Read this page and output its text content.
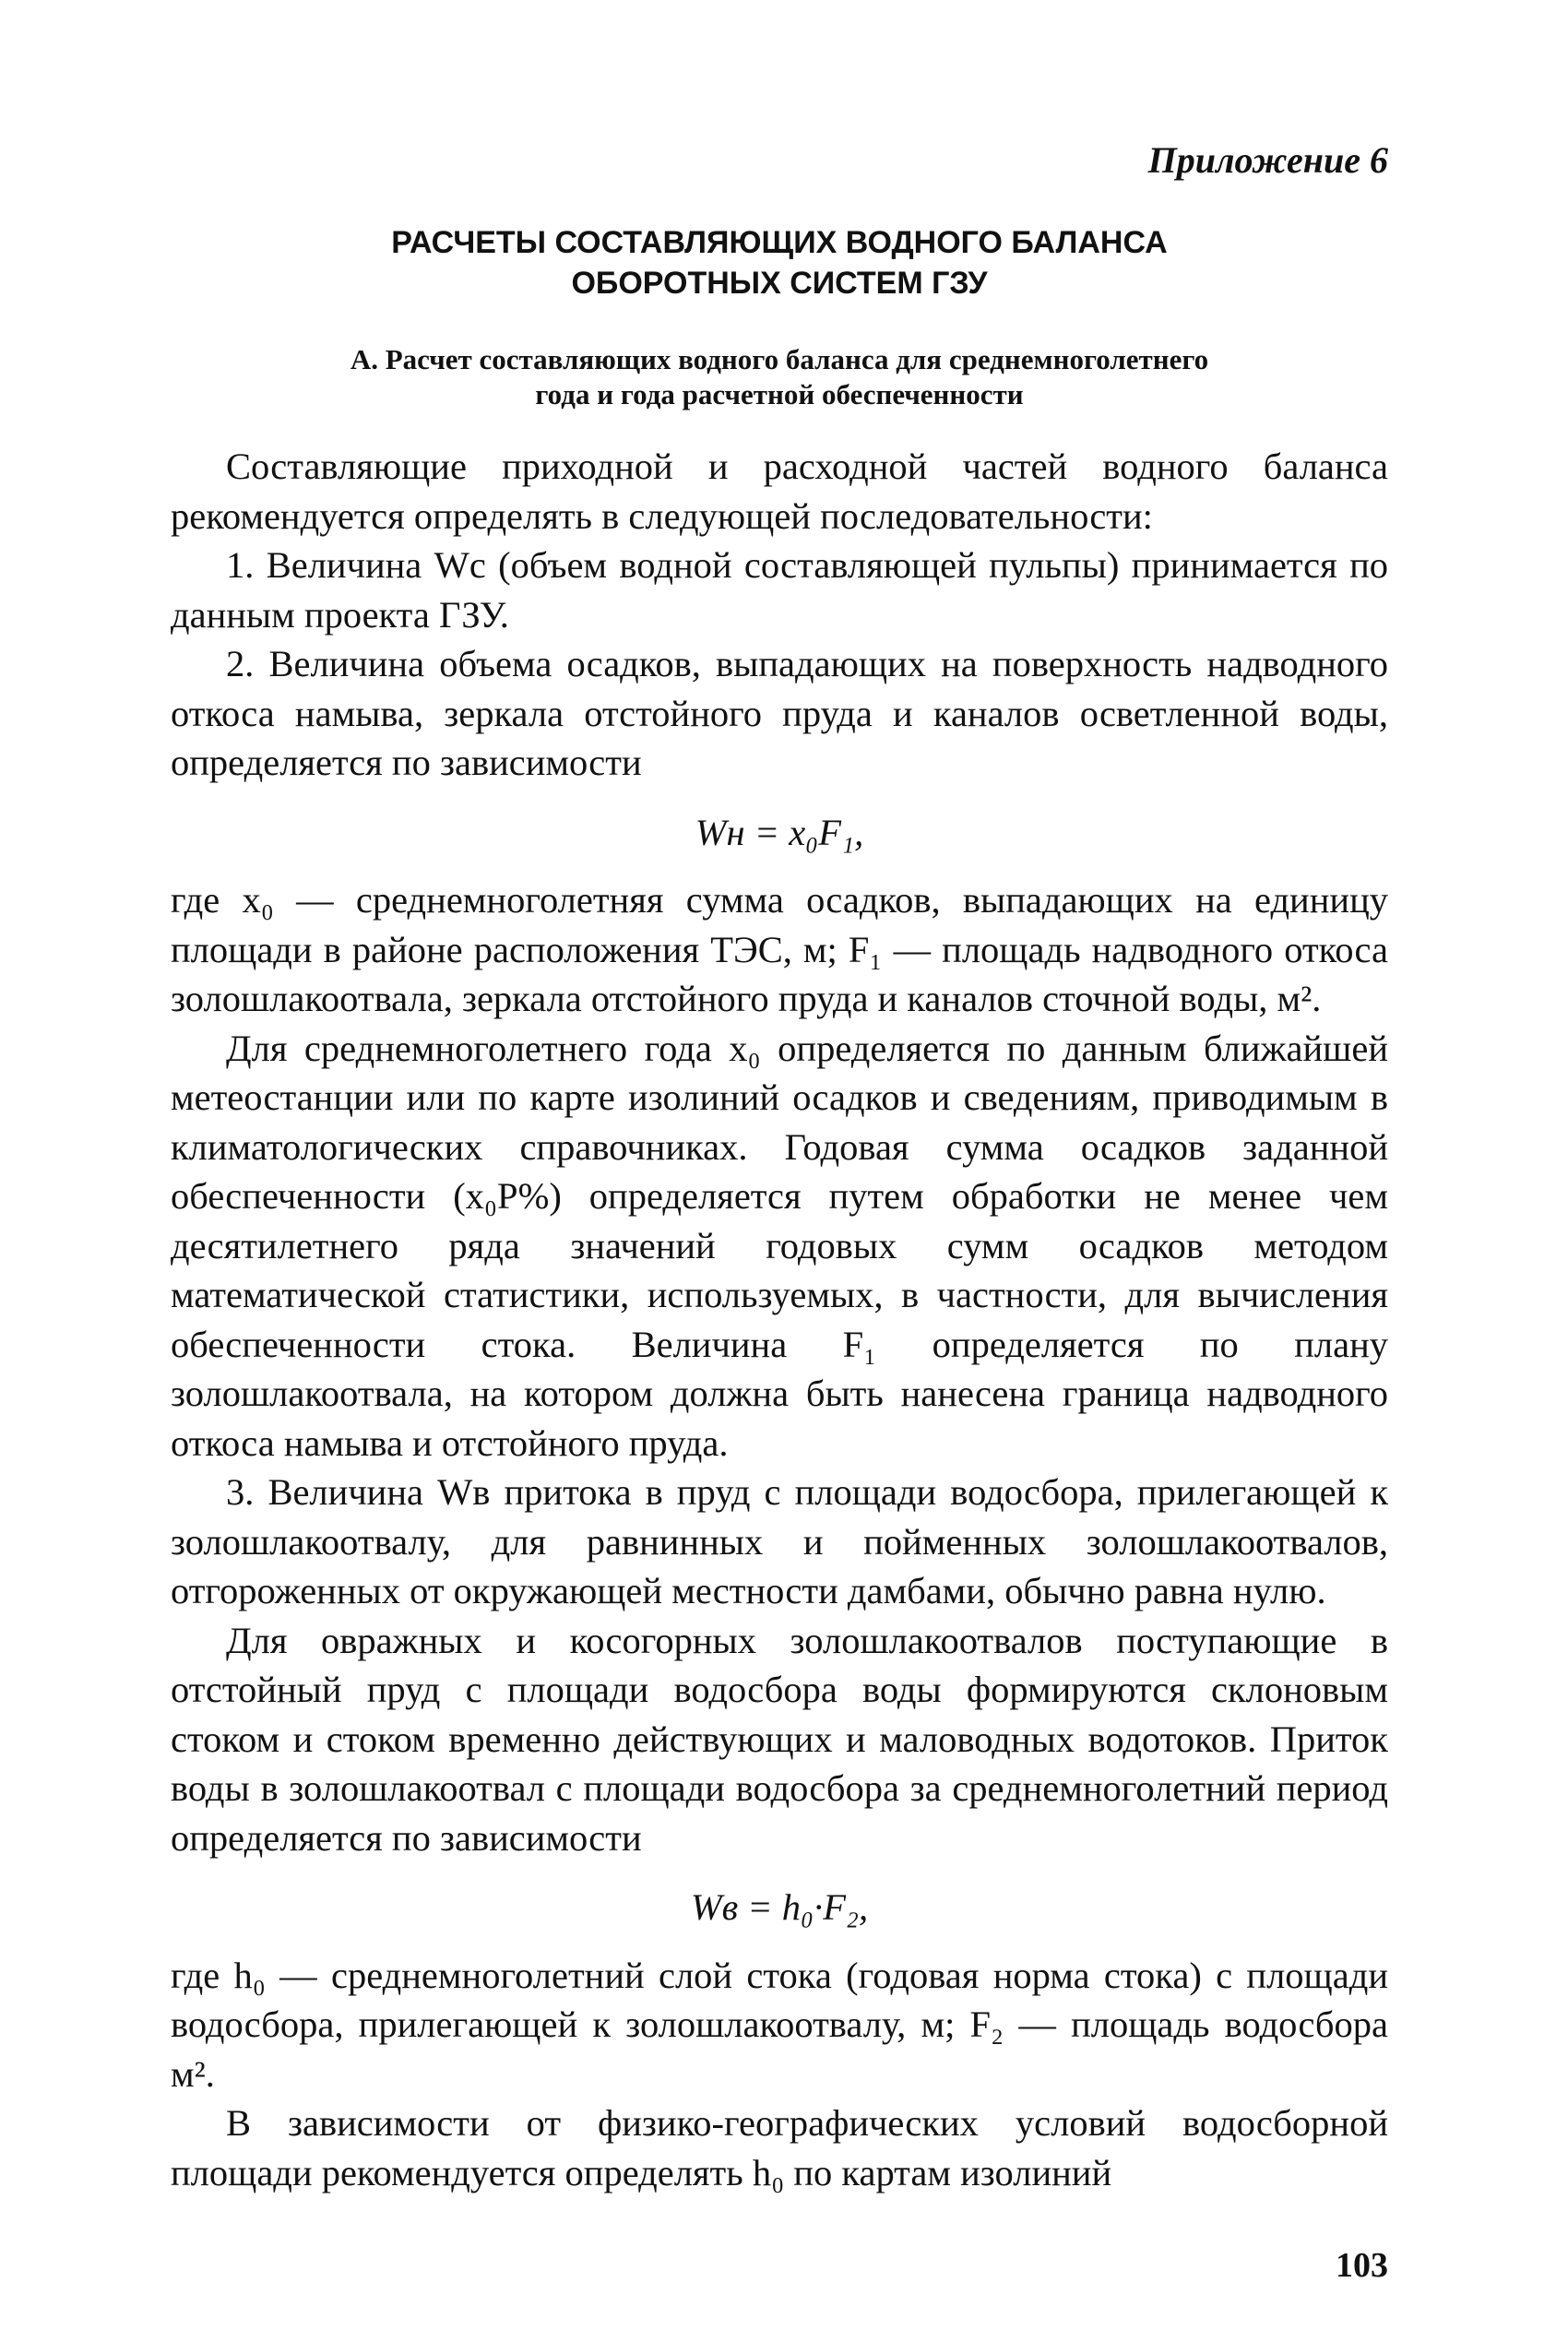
Приложение 6
РАСЧЕТЫ СОСТАВЛЯЮЩИХ ВОДНОГО БАЛАНСА
ОБОРОТНЫХ СИСТЕМ ГЗУ
А. Расчет составляющих водного баланса для среднемноголетнего
года и года расчетной обеспеченности

Составляющие приходной и расходной частей водного баланса рекомендуется определять в следующей последовательности:

1. Величина Wс (объем водной составляющей пульпы) принимается по данным проекта ГЗУ.

2. Величина объема осадков, выпадающих на поверхность надводного откоса намыва, зеркала отстойного пруда и каналов осветленной воды, определяется по зависимости

Wн = x₀F₁,

где x₀ — среднемноголетняя сумма осадков, выпадающих на единицу площади в районе расположения ТЭС, м; F₁ — площадь надводного откоса золошлакоотвала, зеркала отстойного пруда и каналов сточной воды, м².

Для среднемноголетнего года x₀ определяется по данным ближайшей метеостанции или по карте изолиний осадков и сведениям, приводимым в климатологических справочниках. Годовая сумма осадков заданной обеспеченности (x₀P%) определяется путем обработки не менее чем десятилетнего ряда значений годовых сумм осадков методом математической статистики, используемых, в частности, для вычисления обеспеченности стока. Величина F₁ определяется по плану золошлакоотвала, на котором должна быть нанесена граница надводного откоса намыва и отстойного пруда.

3. Величина Wв притока в пруд с площади водосбора, прилегающей к золошлакоотвалу, для равнинных и пойменных золошлакоотвалов, отгороженных от окружающей местности дамбами, обычно равна нулю.

Для овражных и косогорных золошлакоотвалов поступающие в отстойный пруд с площади водосбора воды формируются склоновым стоком и стоком временно действующих и маловодных водотоков. Приток воды в золошлакоотвал с площади водосбора за среднемноголетний период определяется по зависимости

Wв = h₀·F₂,

где h₀ — среднемноголетний слой стока (годовая норма стока) с площади водосбора, прилегающей к золошлакоотвалу, м; F₂ — площадь водосбора м².

В зависимости от физико-географических условий водосборной площади рекомендуется определять h₀ по картам изолиний

103
